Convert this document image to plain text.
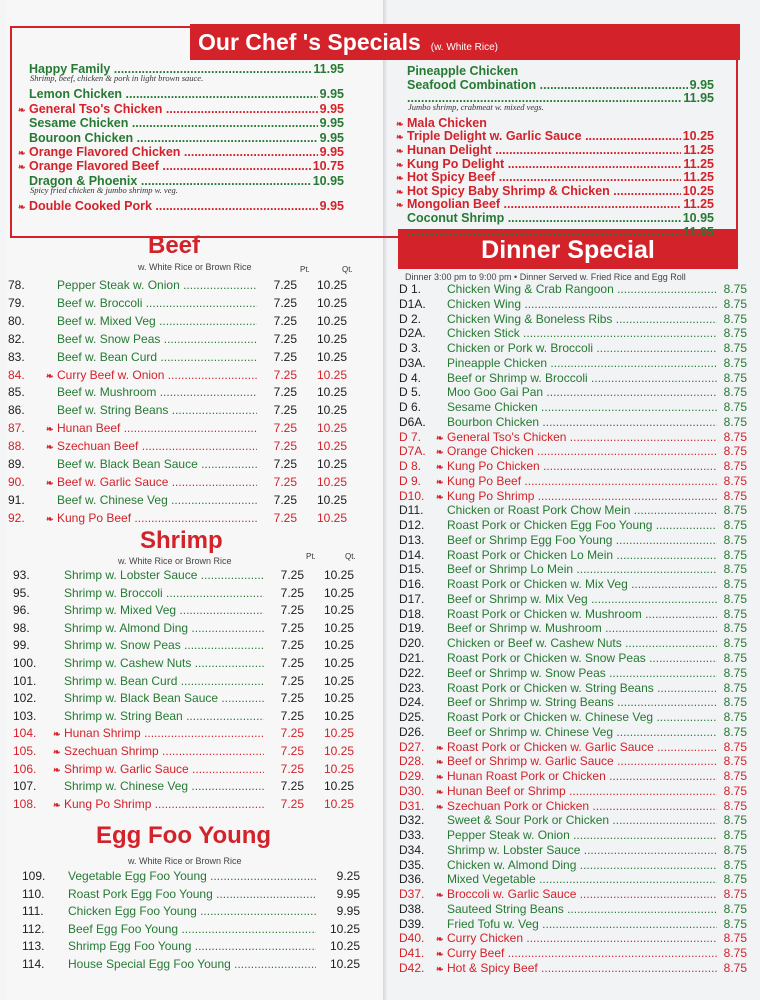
Our Chef 's Specials (w. White Rice)
Beef
w. White Rice or Brown Rice	Pt.	Qt.
Shrimp
w. White Rice or Brown Rice	Pt.	Qt.
Egg Foo Young
w. White Rice or Brown Rice
Dinner Special
Dinner 3:00 pm to 9:00 pm • Dinner Served w. Fried Rice and Egg Roll
Happy Family .....	11.95
Shrimp, beef, chicken & pork in light brown sauce.
Lemon Chicken .....	9.95
❧ General Tso's Chicken .....	9.95
Sesame Chicken .....	9.95
Bouroon Chicken .....	9.95
❧ Orange Flavored Chicken .....	9.95
❧ Orange Flavored Beef .....	10.75
Dragon & Phoenix .....	10.95
Spicy fried chicken & jumbo shrimp w. veg.
❧ Double Cooked Pork .....	9.95
Pineapple Chicken
Seafood Combination .....	9.95
.....
11.95
Jumbo shrimp, crabmeat w. mixed vegs.
❧ Mala Chicken
❧ Triple Delight w. Garlic Sauce .....	10.25
❧ Hunan Delight .....	11.25
❧ Kung Po Delight .....	11.25
❧ Hot Spicy Beef .....	11.25
❧ Hot Spicy Baby Shrimp & Chicken .....	10.25
❧ Mongolian Beef .....	11.25
Coconut Shrimp .....	10.95
.....
11.95
78.	Pepper Steak w. Onion .....	7.25	10.25
79.	Beef w. Broccoli .....	7.25	10.25
80.	Beef w. Mixed Veg .....	7.25	10.25
82.	Beef w. Snow Peas .....	7.25	10.25
83.	Beef w. Bean Curd .....	7.25	10.25
84.	❧ Curry Beef w. Onion .....	7.25	10.25
85.	Beef w. Mushroom .....	7.25	10.25
86.	Beef w. String Beans .....	7.25	10.25
87.	❧ Hunan Beef .....	7.25	10.25
88.	❧ Szechuan Beef .....	7.25	10.25
89.	Beef w. Black Bean Sauce .....	7.25	10.25
90.	❧ Beef w. Garlic Sauce .....	7.25	10.25
91.	Beef w. Chinese Veg .....	7.25	10.25
92.	❧ Kung Po Beef .....	7.25	10.25
93.	Shrimp w. Lobster Sauce .....	7.25	10.25
95.	Shrimp w. Broccoli .....	7.25	10.25
96.	Shrimp w. Mixed Veg .....	7.25	10.25
98.	Shrimp w. Almond Ding .....	7.25	10.25
99.	Shrimp w. Snow Peas .....	7.25	10.25
100.	Shrimp w. Cashew Nuts .....	7.25	10.25
101.	Shrimp w. Bean Curd .....	7.25	10.25
102.	Shrimp w. Black Bean Sauce .....	7.25	10.25
103.	Shrimp w. String Bean .....	7.25	10.25
104.	❧ Hunan Shrimp .....	7.25	10.25
105.	❧ Szechuan Shrimp .....	7.25	10.25
106.	❧ Shrimp w. Garlic Sauce .....	7.25	10.25
107.	Shrimp w. Chinese Veg .....	7.25	10.25
108.	❧ Kung Po Shrimp .....	7.25	10.25
109.	Vegetable Egg Foo Young .....	9.25
110.	Roast Pork Egg Foo Young .....	9.95
111.	Chicken Egg Foo Young .....	9.95
112.	Beef Egg Foo Young .....	10.25
113.	Shrimp Egg Foo Young .....	10.25
114.	House Special Egg Foo Young .....	10.25
D 1.	Chicken Wing & Crab Rangoon .....	8.75
D1A.	Chicken Wing .....	8.75
D 2.	Chicken Wing & Boneless Ribs .....	8.75
D2A.	Chicken Stick .....	8.75
D 3.	Chicken or Pork w. Broccoli .....	8.75
D3A.	Pineapple Chicken .....	8.75
D 4.	Beef or Shrimp w. Broccoli .....	8.75
D 5.	Moo Goo Gai Pan .....	8.75
D 6.	Sesame Chicken .....	8.75
D6A.	Bourbon Chicken .....	8.75
D 7.	❧ General Tso's Chicken .....	8.75
D7A.	❧ Orange Chicken .....	8.75
D 8.	❧ Kung Po Chicken .....	8.75
D 9.	❧ Kung Po Beef .....	8.75
D10.	❧ Kung Po Shrimp .....	8.75
D11.	Chicken or Roast Pork Chow Mein .....	8.75
D12.	Roast Pork or Chicken Egg Foo Young .....	8.75
D13.	Beef or Shrimp Egg Foo Young .....	8.75
D14.	Roast Pork or Chicken Lo Mein .....	8.75
D15.	Beef or Shrimp Lo Mein .....	8.75
D16.	Roast Pork or Chicken w. Mix Veg .....	8.75
D17.	Beef or Shrimp w. Mix Veg .....	8.75
D18.	Roast Pork or Chicken w. Mushroom .....	8.75
D19.	Beef or Shrimp w. Mushroom .....	8.75
D20.	Chicken or Beef w. Cashew Nuts .....	8.75
D21.	Roast Pork or Chicken w. Snow Peas .....	8.75
D22.	Beef or Shrimp w. Snow Peas .....	8.75
D23.	Roast Pork or Chicken w. String Beans .....	8.75
D24.	Beef or Shrimp w. String Beans .....	8.75
D25.	Roast Pork or Chicken w. Chinese Veg .....	8.75
D26.	Beef or Shrimp w. Chinese Veg .....	8.75
D27.	❧ Roast Pork or Chicken w. Garlic Sauce .....	8.75
D28.	❧ Beef or Shrimp w. Garlic Sauce .....	8.75
D29.	❧ Hunan Roast Pork or Chicken .....	8.75
D30.	❧ Hunan Beef or Shrimp .....	8.75
D31.	❧ Szechuan Pork or Chicken .....	8.75
D32.	Sweet & Sour Pork or Chicken .....	8.75
D33.	Pepper Steak w. Onion .....	8.75
D34.	Shrimp w. Lobster Sauce .....	8.75
D35.	Chicken w. Almond Ding .....	8.75
D36.	Mixed Vegetable .....	8.75
D37.	❧ Broccoli w. Garlic Sauce .....	8.75
D38.	Sauteed String Beans .....	8.75
D39.	Fried Tofu w. Veg .....	8.75
D40.	❧ Curry Chicken .....	8.75
D41.	❧ Curry Beef .....	8.75
D42.	❧ Hot & Spicy Beef .....	8.75
